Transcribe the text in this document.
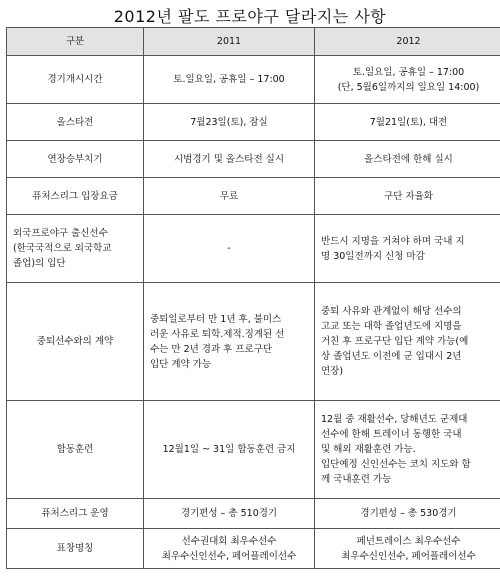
2012년 팔도 프로야구 달라지는 사항
구분	2011	2012

경기개시시간	토.일요일, 공휴일 – 17:00	토.일요일, 공휴일 – 17:00
(단, 5월6일까지의 일요일 14:00)

올스타전	7월23일(토), 잠실	7월21일(토), 대전

연장승부치기	시범경기 및 올스타전 실시	올스타전에 한해 실시

퓨처스리그 입장요금	무료	구단 자율화

외국프로야구 출신선수
(한국국적으로 외국학교
졸업)의 입단	-	반드시 지명을 거쳐야 하며 국내 지
명 30일전까지 신청 마감

중퇴선수와의 계약	중퇴일로부터 만 1년 후, 불미스
러운 사유로 퇴학.제적.징계된 선
수는 만 2년 경과 후 프로구단
입단 계약 가능	중퇴 사유와 관계없이 해당 선수의
고교 또는 대학 졸업년도에 지명을
거친 후 프로구단 입단 계약 가능(예
상 졸업년도 이전에 군 입대시 2년
연장)

합동훈련	12월1일 ~ 31일 합동훈련 금지	12월 중 재활선수, 당해년도 군제대
선수에 한해 트레이너 동행한 국내
및 해외 재활훈련 가능.
입단예정 신인선수는 코치 지도와 함
께 국내훈련 가능

퓨처스리그 운영	경기편성 – 총 510경기	경기편성 – 총 530경기

표창명칭	선수권대회 최우수선수
최우수신인선수, 페어플레이선수	페넌트레이스 최우수선수
최우수신인선수, 페어플레이선수
